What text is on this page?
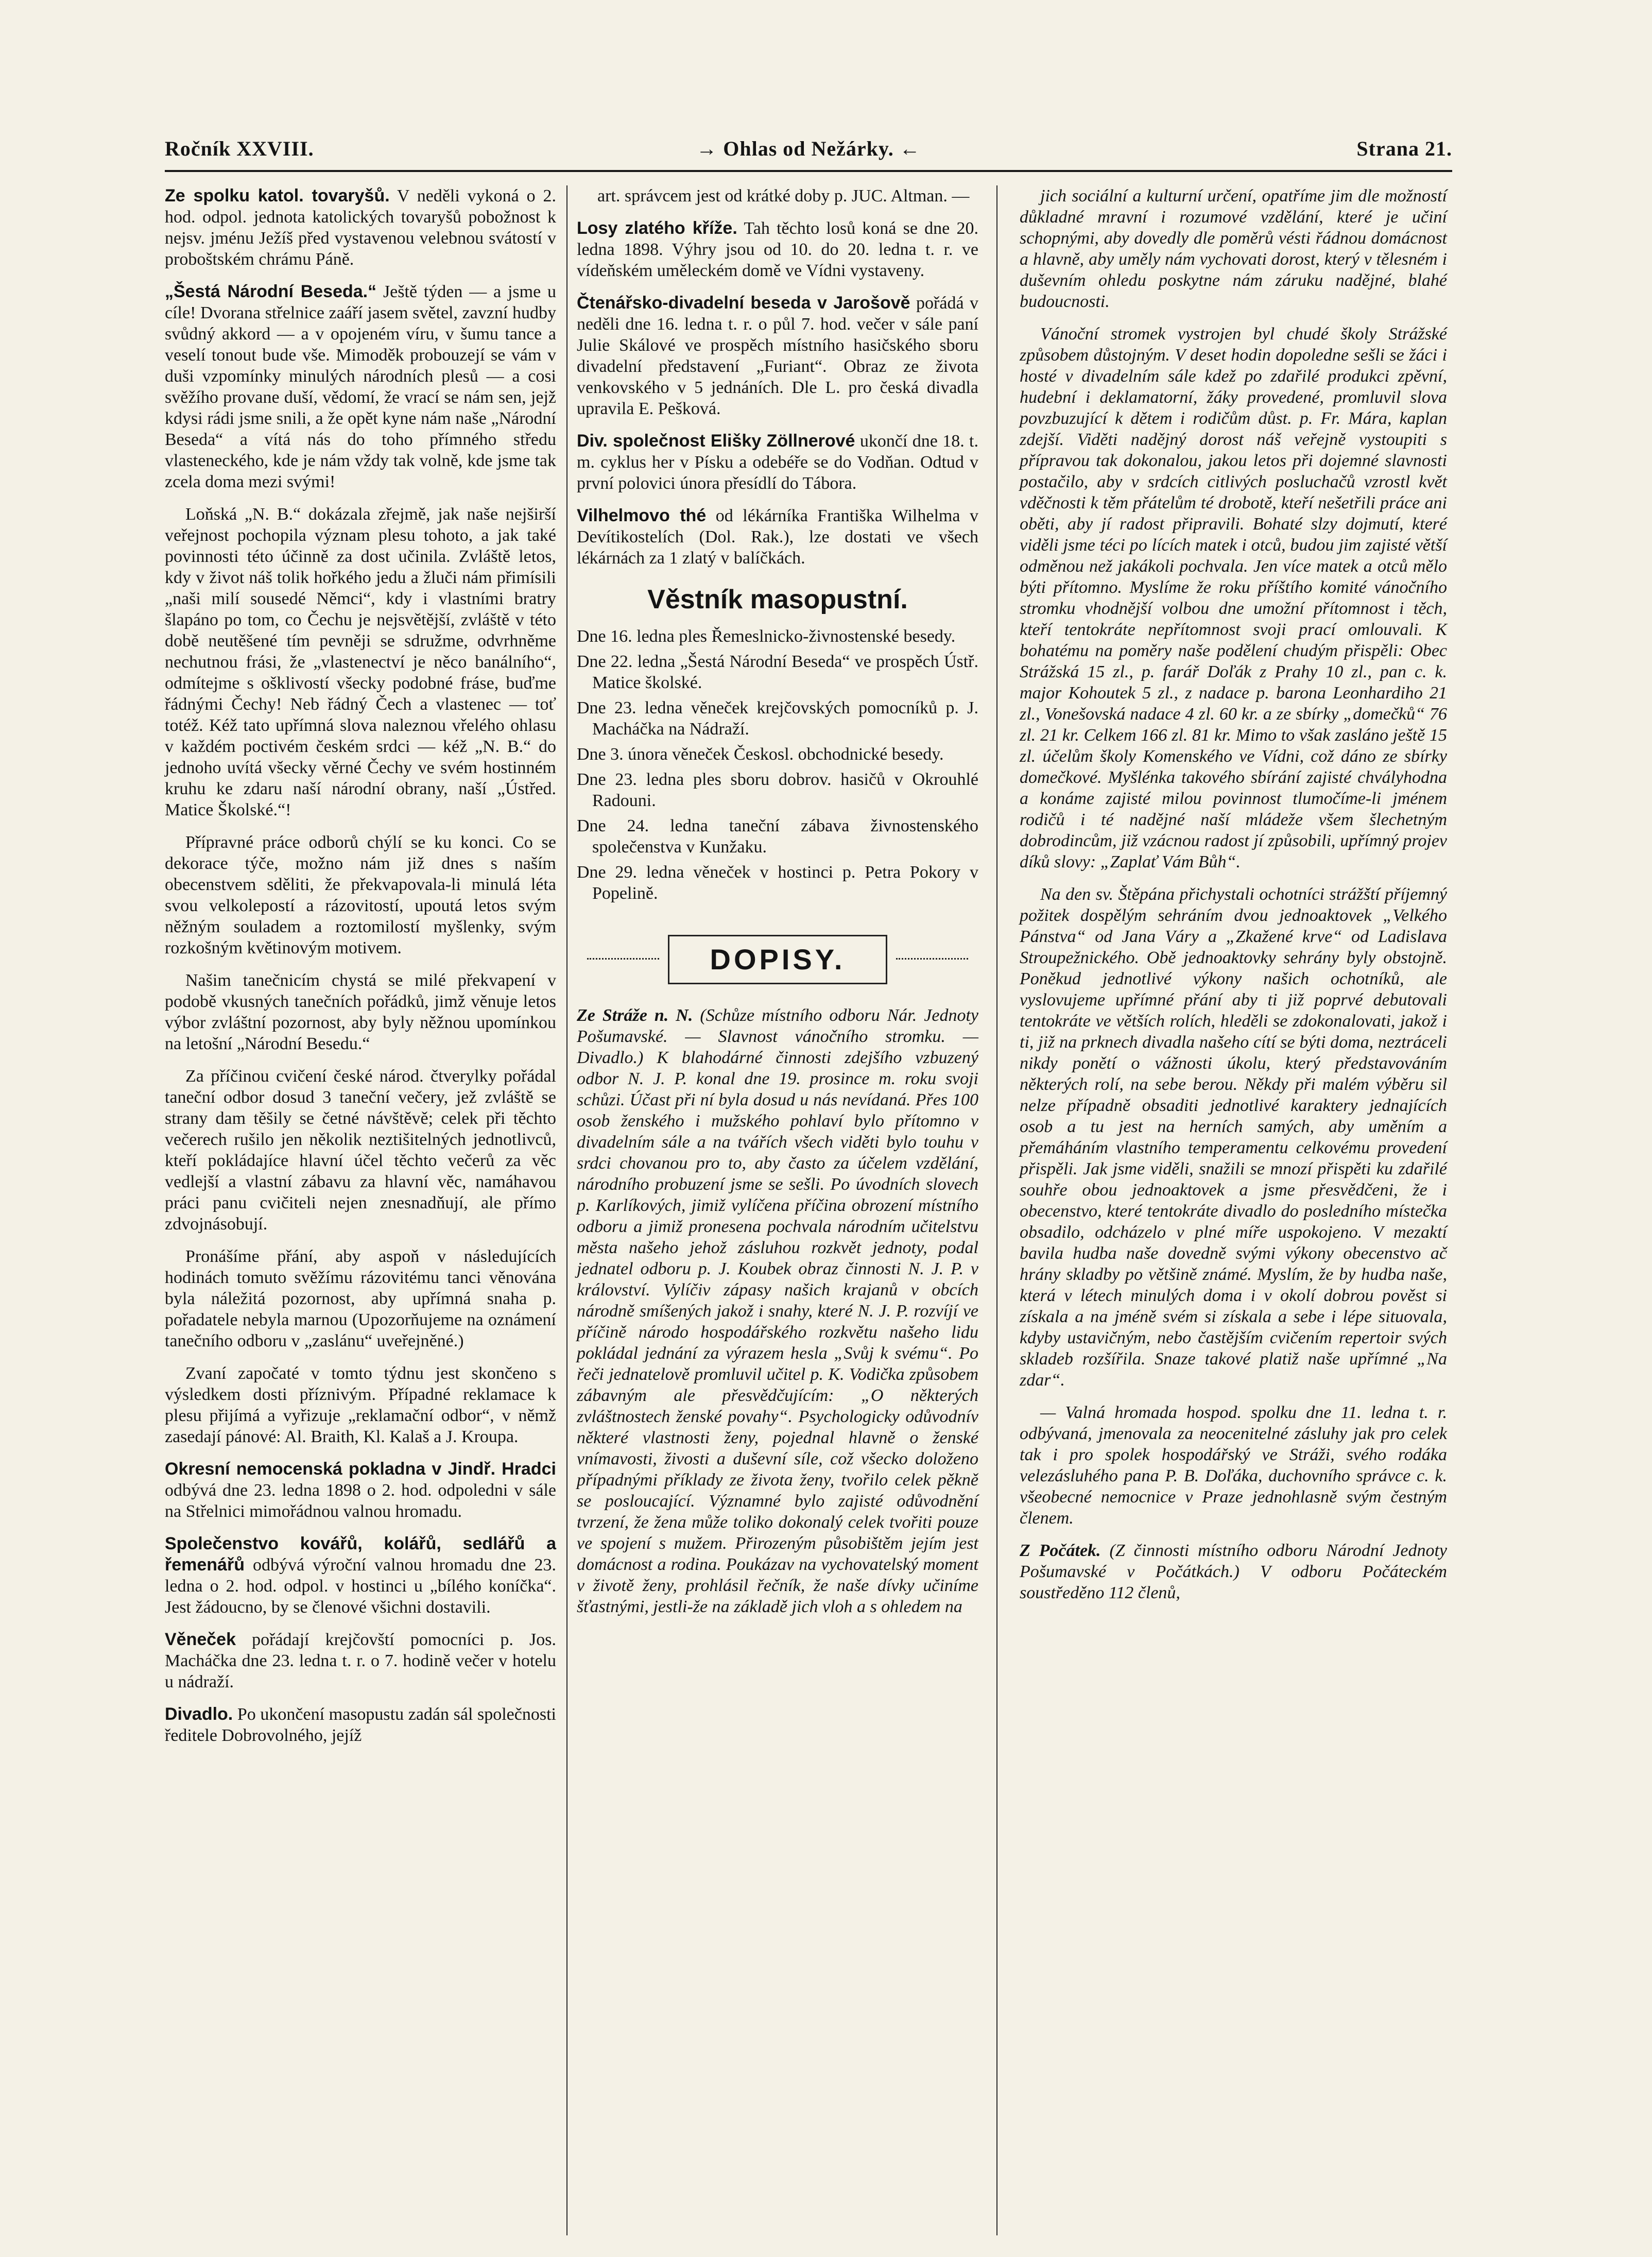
Ročník XXVIII.	→ Ohlas od Nežárky. ←	Strana 21.

Ze spolku katol. tovaryšů. V neděli vykoná o 2. hod. odpol. jednota katolických tovaryšů pobožnost k nejsv. jménu Ježíš před vystavenou velebnou svátostí v proboštském chrámu Páně.

„Šestá Národní Beseda.“ Ještě týden — a jsme u cíle! Dvorana střelnice zaáří jasem světel, zavzní hudby svůdný akkord — a v opojeném víru, v šumu tance a veselí tonout bude vše. Mimoděk probouzejí se vám v duši vzpomínky minulých národních plesů — a cosi svěžího provane duší, vědomí, že vrací se nám sen, jejž kdysi rádi jsme snili, a že opět kyne nám naše „Národní Beseda“ a vítá nás do toho přímného středu vlasteneckého, kde je nám vždy tak volně, kde jsme tak zcela doma mezi svými!

Loňská „N. B.“ dokázala zřejmě, jak naše nejširší veřejnost pochopila význam plesu tohoto, a jak také povinnosti této účinně za dost učinila. Zvláště letos, kdy v život náš tolik hořkého jedu a žluči nám přimísili „naši milí sousedé Němci“, kdy i vlastními bratry šlapáno po tom, co Čechu je nejsvětější, zvláště v této době neutěšené tím pevněji se sdružme, odvrhněme nechutnou frási, že „vlastenectví je něco banálního“, odmítejme s ošklivostí všecky podobné fráse, buďme řádnými Čechy! Neb řádný Čech a vlastenec — toť totéž. Kéž tato upřímná slova naleznou vřelého ohlasu v každém poctivém českém srdci — kéž „N. B.“ do jednoho uvítá všecky věrné Čechy ve svém hostinném kruhu ke zdaru naší národní obrany, naší „Ústřed. Matice Školské.“!

Přípravné práce odborů chýlí se ku konci. Co se dekorace týče, možno nám již dnes s naším obecenstvem sděliti, že překvapovala-li minulá léta svou velkolepostí a rázovitostí, upoutá letos svým něžným souladem a roztomilostí myšlenky, svým rozkošným květinovým motivem.

Našim tanečnicím chystá se milé překvapení v podobě vkusných tanečních pořádků, jimž věnuje letos výbor zvláštní pozornost, aby byly něžnou upomínkou na letošní „Národní Besedu.“

Za příčinou cvičení české národ. čtverylky pořádal taneční odbor dosud 3 taneční večery, jež zvláště se strany dam těšily se četné návštěvě; celek při těchto večerech rušilo jen několik neztišitelných jednotlivců, kteří pokládajíce hlavní účel těchto večerů za věc vedlejší a vlastní zábavu za hlavní věc, namáhavou práci panu cvičiteli nejen znesnadňují, ale přímo zdvojnásobují.

Pronášíme přání, aby aspoň v následujících hodinách tomuto svěžímu rázovitému tanci věnována byla náležitá pozornost, aby upřímná snaha p. pořadatele nebyla marnou (Upozorňujeme na oznámení tanečního odboru v „zaslánu“ uveřejněné.)

Zvaní započaté v tomto týdnu jest skončeno s výsledkem dosti příznivým. Případné reklamace k plesu přijímá a vyřizuje „reklamační odbor“, v němž zasedají pánové: Al. Braith, Kl. Kalaš a J. Kroupa.

Okresní nemocenská pokladna v Jindř. Hradci odbývá dne 23. ledna 1898 o 2. hod. odpoledni v sále na Střelnici mimořádnou valnou hromadu.

Společenstvo kovářů, kolářů, sedlářů a řemenářů odbývá výroční valnou hromadu dne 23. ledna o 2. hod. odpol. v hostinci u „bílého koníčka“. Jest žádoucno, by se členové všichni dostavili.

Věneček pořádají krejčovští pomocníci p. Jos. Macháčka dne 23. ledna t. r. o 7. hodině večer v hotelu u nádraží.

Divadlo. Po ukončení masopustu zadán sál společnosti ředitele Dobrovolného, jejíž

art. správcem jest od krátké doby p. JUC. Altman. —

Losy zlatého kříže. Tah těchto losů koná se dne 20. ledna 1898. Výhry jsou od 10. do 20. ledna t. r. ve vídeňském uměleckém domě ve Vídni vystaveny.

Čtenářsko-divadelní beseda v Jarošově pořádá v neděli dne 16. ledna t. r. o půl 7. hod. večer v sále paní Julie Skálové ve prospěch místního hasičského sboru divadelní představení „Furiant“. Obraz ze života venkovského v 5 jednáních. Dle L. pro česká divadla upravila E. Pešková.

Div. společnost Elišky Zöllnerové ukončí dne 18. t. m. cyklus her v Písku a odebéře se do Vodňan. Odtud v první polovici února přesídlí do Tábora.

Vilhelmovo thé od lékárníka Františka Wilhelma v Devítikostelích (Dol. Rak.), lze dostati ve všech lékárnách za 1 zlatý v balíčkách.

Věstník masopustní.

Dne 16. ledna ples Řemeslnicko-živnostenské besedy.

Dne 22. ledna „Šestá Národní Beseda“ ve prospěch Ústř. Matice školské.

Dne 23. ledna věneček krejčovských pomocníků p. J. Macháčka na Nádraží.

Dne 3. února věneček Českosl. obchodnické besedy.

Dne 23. ledna ples sboru dobrov. hasičů v Okrouhlé Radouni.

Dne 24. ledna taneční zábava živnostenského společenstva v Kunžaku.

Dne 29. ledna věneček v hostinci p. Petra Pokory v Popelině.

DOPISY.

Ze Stráže n. N. (Schůze místního odboru Nár. Jednoty Pošumavské. — Slavnost vánočního stromku. — Divadlo.) K blahodárné činnosti zdejšího vzbuzený odbor N. J. P. konal dne 19. prosince m. roku svoji schůzi. Účast při ní byla dosud u nás nevídaná. Přes 100 osob ženského i mužského pohlaví bylo přítomno v divadelním sále a na tvářích všech viděti bylo touhu v srdci chovanou pro to, aby často za účelem vzdělání, národního probuzení jsme se sešli. Po úvodních slovech p. Karlíkových, jimiž vylíčena příčina obrození místního odboru a jimiž pronesena pochvala národním učitelstvu města našeho jehož zásluhou rozkvět jednoty, podal jednatel odboru p. J. Koubek obraz činnosti N. J. P. v království. Vylíčiv zápasy našich krajanů v obcích národně smíšených jakož i snahy, které N. J. P. rozvíjí ve příčině národo hospodářského rozkvětu našeho lidu pokládal jednání za výrazem hesla „Svůj k svému“. Po řeči jednatelově promluvil učitel p. K. Vodička způsobem zábavným ale přesvědčujícím: „O některých zvláštnostech ženské povahy“. Psychologicky odůvodnív některé vlastnosti ženy, pojednal hlavně o ženské vnímavosti, živosti a duševní síle, což všecko doloženo případnými příklady ze života ženy, tvořilo celek pěkně se posloucající. Významné bylo zajisté odůvodnění tvrzení, že žena může toliko dokonalý celek tvořiti pouze ve spojení s mužem. Přirozeným působištěm jejím jest domácnost a rodina. Poukázav na vychovatelský moment v životě ženy, prohlásil řečník, že naše dívky učiníme šťastnými, jestli-že na základě jich vloh a s ohledem na

jich sociální a kulturní určení, opatříme jim dle možností důkladné mravní i rozumové vzdělání, které je učiní schopnými, aby dovedly dle poměrů vésti řádnou domácnost a hlavně, aby uměly nám vychovati dorost, který v tělesném i duševním ohledu poskytne nám záruku nadějné, blahé budoucnosti.

Vánoční stromek vystrojen byl chudé školy Strážské způsobem důstojným. V deset hodin dopoledne sešli se žáci i hosté v divadelním sále kdež po zdařilé produkci zpěvní, hudební i deklamatorní, žáky provedené, promluvil slova povzbuzující k dětem i rodičům důst. p. Fr. Mára, kaplan zdejší. Viděti nadějný dorost náš veřejně vystoupiti s přípravou tak dokonalou, jakou letos při dojemné slavnosti postačilo, aby v srdcích citlivých posluchačů vzrostl květ vděčnosti k těm přátelům té drobotě, kteří nešetřili práce ani oběti, aby jí radost připravili. Bohaté slzy dojmutí, které viděli jsme téci po lících matek i otců, budou jim zajisté větší odměnou než jakákoli pochvala. Jen více matek a otců mělo býti přítomno. Myslíme že roku příštího komité vánočního stromku vhodnější volbou dne umožní přítomnost i těch, kteří tentokráte nepřítomnost svoji prací omlouvali. K bohatému na poměry naše podělení chudým přispěli: Obec Strážská 15 zl., p. farář Doľák z Prahy 10 zl., pan c. k. major Kohoutek 5 zl., z nadace p. barona Leonhardiho 21 zl., Vonešovská nadace 4 zl. 60 kr. a ze sbírky „domečků“ 76 zl. 21 kr. Celkem 166 zl. 81 kr. Mimo to však zasláno ještě 15 zl. účelům školy Komenského ve Vídni, což dáno ze sbírky domečkové. Myšlénka takového sbírání zajisté chvályhodna a konáme zajisté milou povinnost tlumočíme-li jménem rodičů i té nadějné naší mládeže všem šlechetným dobrodincům, již vzácnou radost jí způsobili, upřímný projev díků slovy: „Zaplať Vám Bůh“.

Na den sv. Štěpána přichystali ochotníci strážští příjemný požitek dospělým sehráním dvou jednoaktovek „Velkého Pánstva“ od Jana Váry a „Zkažené krve“ od Ladislava Stroupežnického. Obě jednoaktovky sehrány byly obstojně. Poněkud jednotlivé výkony našich ochotníků, ale vyslovujeme upřímné přání aby ti již poprvé debutovali tentokráte ve větších rolích, hleděli se zdokonalovati, jakož i ti, již na prknech divadla našeho cítí se býti doma, neztráceli nikdy ponětí o vážnosti úkolu, který představováním některých rolí, na sebe berou. Někdy při malém výběru sil nelze případně obsaditi jednotlivé karaktery jednajících osob a tu jest na herních samých, aby uměním a přemáháním vlastního temperamentu celkovému provedení přispěli. Jak jsme viděli, snažili se mnozí přispěti ku zdařilé souhře obou jednoaktovek a jsme přesvědčeni, že i obecenstvo, které tentokráte divadlo do posledního místečka obsadilo, odcházelo v plné míře uspokojeno. V mezaktí bavila hudba naše dovedně svými výkony obecenstvo ač hrány skladby po většině známé. Myslím, že by hudba naše, která v létech minulých doma i v okolí dobrou pověst si získala a na jméně svém si získala a sebe i lépe situovala, kdyby ustavičným, nebo častějším cvičením repertoir svých skladeb rozšířila. Snaze takové platiž naše upřímné „Na zdar“.

— Valná hromada hospod. spolku dne 11. ledna t. r. odbývaná, jmenovala za neocenitelné zásluhy jak pro celek tak i pro spolek hospodářský ve Stráži, svého rodáka velezásluhého pana P. B. Doľáka, duchovního správce c. k. všeobecné nemocnice v Praze jednohlasně svým čestným členem.

Z Počátek. (Z činnosti místního odboru Národní Jednoty Pošumavské v Počátkách.) V odboru Počáteckém soustředěno 112 členů,
